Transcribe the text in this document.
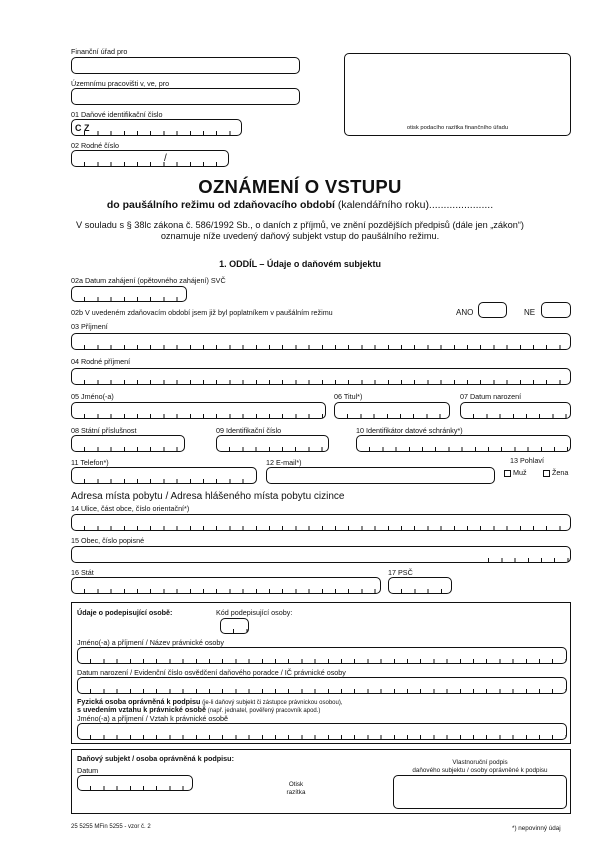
Finanční úřad pro
Územnímu pracovišti v, ve, pro
01 Daňové identifikační číslo
C Z
02 Rodné číslo
/
otisk podacího razítka finančního úřadu
OZNÁMENÍ O VSTUPU
do paušálního režimu od zdaňovacího období (kalendářního roku)......................
V souladu s § 38lc zákona č. 586/1992 Sb., o daních z příjmů, ve znění pozdějších předpisů (dále jen „zákon“) oznamuje níže uvedený daňový subjekt vstup do paušálního režimu.
1. ODDÍL – Údaje o daňovém subjektu
02a Datum zahájení (opětovného zahájení) SVČ
02b V uvedeném zdaňovacím období jsem již byl poplatníkem v paušálním režimu	ANO	NE
03 Příjmení
04 Rodné příjmení
05 Jméno(-a)	06 Titul*)	07 Datum narození
08 Státní příslušnost	09 Identifikační číslo	10 Identifikátor datové schránky*)
11 Telefon*)	12 E-mail*)	13 Pohlaví
Muž	Žena
Adresa místa pobytu / Adresa hlášeného místa pobytu cizince
14 Ulice, část obce, číslo orientační*)
15 Obec, číslo popisné
16 Stát	17 PSČ
Údaje o podepisující osobě:	Kód podepisující osoby:
Jméno(-a) a příjmení / Název právnické osoby
Datum narození / Evidenční číslo osvědčení daňového poradce / IČ právnické osoby
Fyzická osoba oprávněná k podpisu (je-li daňový subjekt či zástupce právnickou osobou),
s uvedením vztahu k právnické osobě (např. jednatel, pověřený pracovník apod.)
Jméno(-a) a příjmení / Vztah k právnické osobě
Daňový subjekt / osoba oprávněná k podpisu:
Datum
Otisk
razítka
Vlastnoruční podpis
daňového subjektu / osoby oprávněné k podpisu
25 5255 MFin 5255 - vzor č. 2	*) nepovinný údaj
